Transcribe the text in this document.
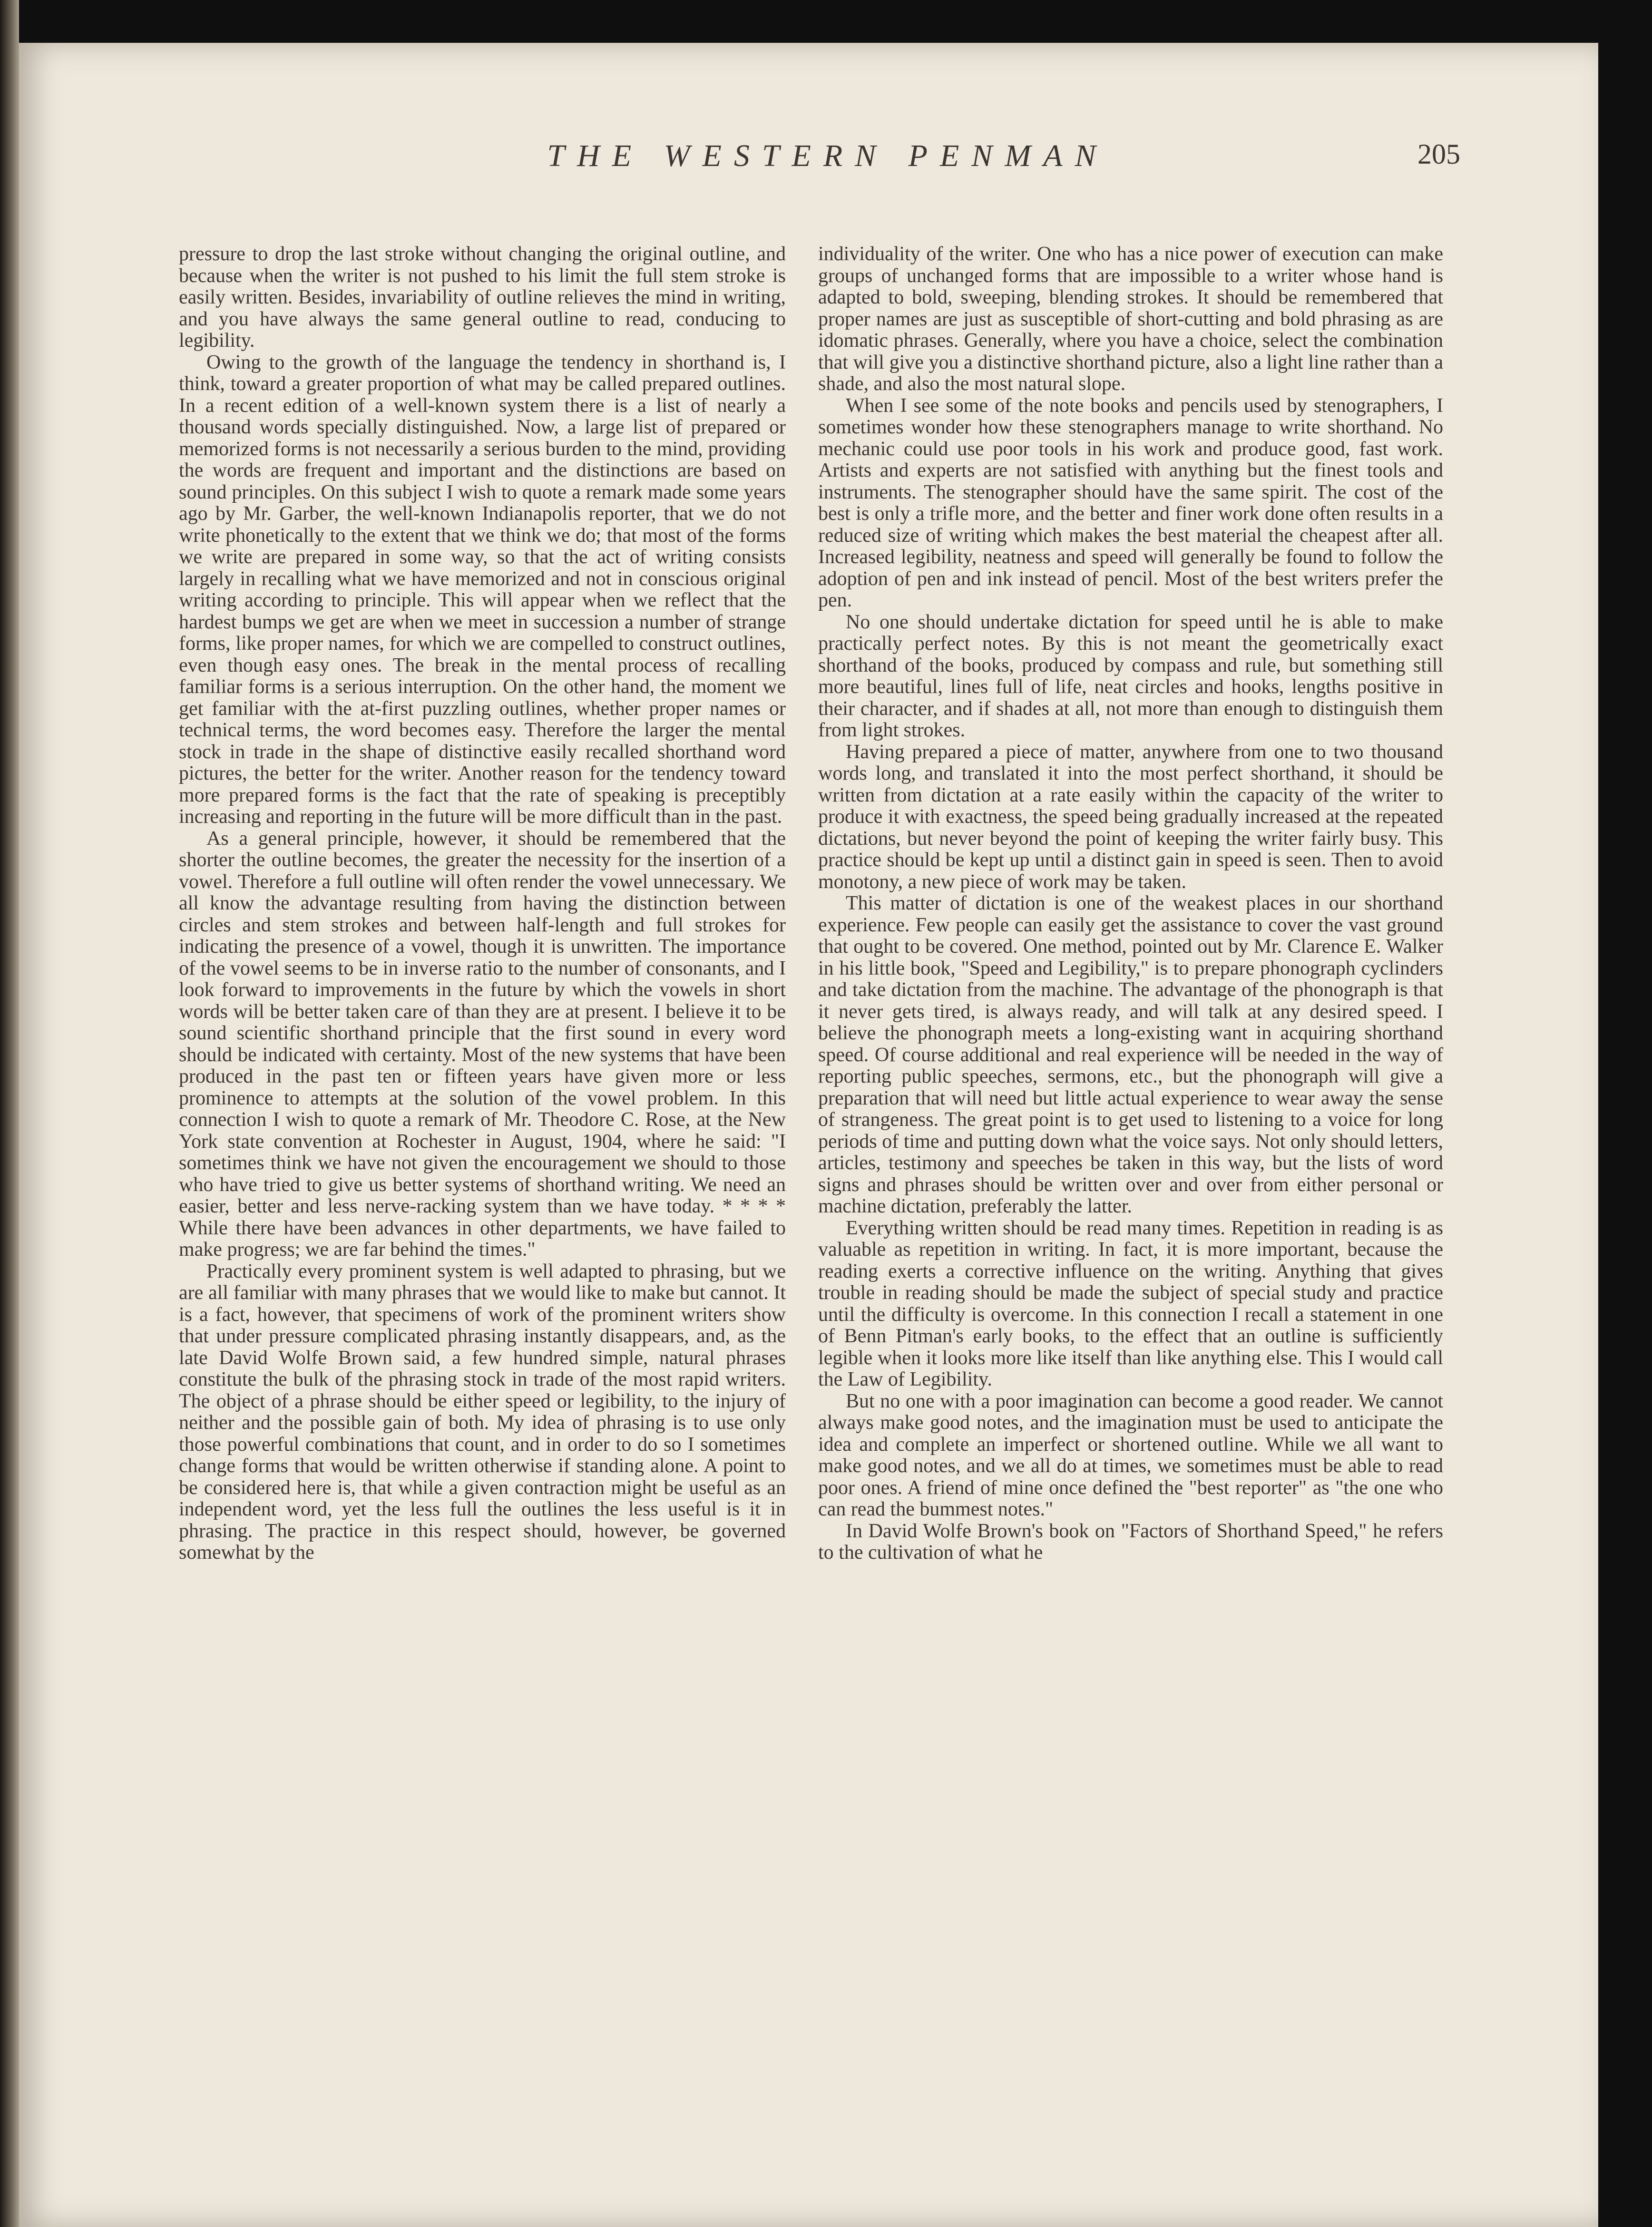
THE WESTERN PENMAN	205

pressure to drop the last stroke without changing the original outline, and because when the writer is not pushed to his limit the full stem stroke is easily written. Besides, invariability of outline relieves the mind in writing, and you have always the same general outline to read, conducing to legibility.

Owing to the growth of the language the tendency in shorthand is, I think, toward a greater proportion of what may be called prepared outlines. In a recent edition of a well-known system there is a list of nearly a thousand words specially distinguished. Now, a large list of prepared or memorized forms is not necessarily a serious burden to the mind, providing the words are frequent and important and the distinctions are based on sound principles. On this subject I wish to quote a remark made some years ago by Mr. Garber, the well-known Indianapolis reporter, that we do not write phonetically to the extent that we think we do; that most of the forms we write are prepared in some way, so that the act of writing consists largely in recalling what we have memorized and not in conscious original writing according to principle. This will appear when we reflect that the hardest bumps we get are when we meet in succession a number of strange forms, like proper names, for which we are compelled to construct outlines, even though easy ones. The break in the mental process of recalling familiar forms is a serious interruption. On the other hand, the moment we get familiar with the at-first puzzling outlines, whether proper names or technical terms, the word becomes easy. Therefore the larger the mental stock in trade in the shape of distinctive easily recalled shorthand word pictures, the better for the writer. Another reason for the tendency toward more prepared forms is the fact that the rate of speaking is preceptibly increasing and reporting in the future will be more difficult than in the past.

As a general principle, however, it should be remembered that the shorter the outline becomes, the greater the necessity for the insertion of a vowel. Therefore a full outline will often render the vowel unnecessary. We all know the advantage resulting from having the distinction between circles and stem strokes and between half-length and full strokes for indicating the presence of a vowel, though it is unwritten. The importance of the vowel seems to be in inverse ratio to the number of consonants, and I look forward to improvements in the future by which the vowels in short words will be better taken care of than they are at present. I believe it to be sound scientific shorthand principle that the first sound in every word should be indicated with certainty. Most of the new systems that have been produced in the past ten or fifteen years have given more or less prominence to attempts at the solution of the vowel problem. In this connection I wish to quote a remark of Mr. Theodore C. Rose, at the New York state convention at Rochester in August, 1904, where he said: "I sometimes think we have not given the encouragement we should to those who have tried to give us better systems of shorthand writing. We need an easier, better and less nerve-racking system than we have today. * * * * While there have been advances in other departments, we have failed to make progress; we are far behind the times."

Practically every prominent system is well adapted to phrasing, but we are all familiar with many phrases that we would like to make but cannot. It is a fact, however, that specimens of work of the prominent writers show that under pressure complicated phrasing instantly disappears, and, as the late David Wolfe Brown said, a few hundred simple, natural phrases constitute the bulk of the phrasing stock in trade of the most rapid writers. The object of a phrase should be either speed or legibility, to the injury of neither and the possible gain of both. My idea of phrasing is to use only those powerful combinations that count, and in order to do so I sometimes change forms that would be written otherwise if standing alone. A point to be considered here is, that while a given contraction might be useful as an independent word, yet the less full the outlines the less useful is it in phrasing. The practice in this respect should, however, be governed somewhat by the

individuality of the writer. One who has a nice power of execution can make groups of unchanged forms that are impossible to a writer whose hand is adapted to bold, sweeping, blending strokes. It should be remembered that proper names are just as susceptible of short-cutting and bold phrasing as are idomatic phrases. Generally, where you have a choice, select the combination that will give you a distinctive shorthand picture, also a light line rather than a shade, and also the most natural slope.

When I see some of the note books and pencils used by stenographers, I sometimes wonder how these stenographers manage to write shorthand. No mechanic could use poor tools in his work and produce good, fast work. Artists and experts are not satisfied with anything but the finest tools and instruments. The stenographer should have the same spirit. The cost of the best is only a trifle more, and the better and finer work done often results in a reduced size of writing which makes the best material the cheapest after all. Increased legibility, neatness and speed will generally be found to follow the adoption of pen and ink instead of pencil. Most of the best writers prefer the pen.

No one should undertake dictation for speed until he is able to make practically perfect notes. By this is not meant the geometrically exact shorthand of the books, produced by compass and rule, but something still more beautiful, lines full of life, neat circles and hooks, lengths positive in their character, and if shades at all, not more than enough to distinguish them from light strokes.

Having prepared a piece of matter, anywhere from one to two thousand words long, and translated it into the most perfect shorthand, it should be written from dictation at a rate easily within the capacity of the writer to produce it with exactness, the speed being gradually increased at the repeated dictations, but never beyond the point of keeping the writer fairly busy. This practice should be kept up until a distinct gain in speed is seen. Then to avoid monotony, a new piece of work may be taken.

This matter of dictation is one of the weakest places in our shorthand experience. Few people can easily get the assistance to cover the vast ground that ought to be covered. One method, pointed out by Mr. Clarence E. Walker in his little book, "Speed and Legibility," is to prepare phonograph cyclinders and take dictation from the machine. The advantage of the phonograph is that it never gets tired, is always ready, and will talk at any desired speed. I believe the phonograph meets a long-existing want in acquiring shorthand speed. Of course additional and real experience will be needed in the way of reporting public speeches, sermons, etc., but the phonograph will give a preparation that will need but little actual experience to wear away the sense of strangeness. The great point is to get used to listening to a voice for long periods of time and putting down what the voice says. Not only should letters, articles, testimony and speeches be taken in this way, but the lists of word signs and phrases should be written over and over from either personal or machine dictation, preferably the latter.

Everything written should be read many times. Repetition in reading is as valuable as repetition in writing. In fact, it is more important, because the reading exerts a corrective influence on the writing. Anything that gives trouble in reading should be made the subject of special study and practice until the difficulty is overcome. In this connection I recall a statement in one of Benn Pitman's early books, to the effect that an outline is sufficiently legible when it looks more like itself than like anything else. This I would call the Law of Legibility.

But no one with a poor imagination can become a good reader. We cannot always make good notes, and the imagination must be used to anticipate the idea and complete an imperfect or shortened outline. While we all want to make good notes, and we all do at times, we sometimes must be able to read poor ones. A friend of mine once defined the "best reporter" as "the one who can read the bummest notes."

In David Wolfe Brown's book on "Factors of Shorthand Speed," he refers to the cultivation of what he
